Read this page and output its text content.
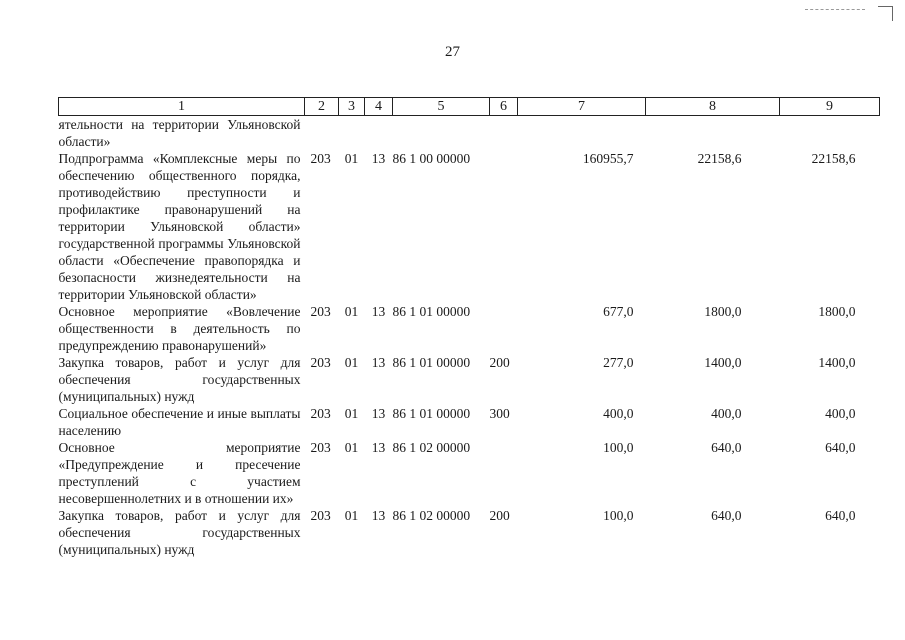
27
1	2	3	4	5	6	7	8	9
ятельности на территории Ульяновской области»								
Подпрограмма «Комплексные меры по обеспечению общественного порядка, противодействию преступности и профилактике правонарушений на территории Ульяновской области» государственной программы Ульяновской области «Обеспечение правопорядка и безопасности жизнедеятельности на территории Ульяновской области»	203	01	13	86 1 00 00000		160955,7	22158,6	22158,6
Основное мероприятие «Вовлечение общественности в деятельность по предупреждению правонарушений»	203	01	13	86 1 01 00000		677,0	1800,0	1800,0
Закупка товаров, работ и услуг для обеспечения государственных (муниципальных) нужд	203	01	13	86 1 01 00000	200	277,0	1400,0	1400,0
Социальное обеспечение и иные выплаты населению	203	01	13	86 1 01 00000	300	400,0	400,0	400,0
Основное мероприятие «Предупреждение и пресечение преступлений с участием несовершеннолетних и в отношении их»	203	01	13	86 1 02 00000		100,0	640,0	640,0
Закупка товаров, работ и услуг для обеспечения государственных (муниципальных) нужд	203	01	13	86 1 02 00000	200	100,0	640,0	640,0
